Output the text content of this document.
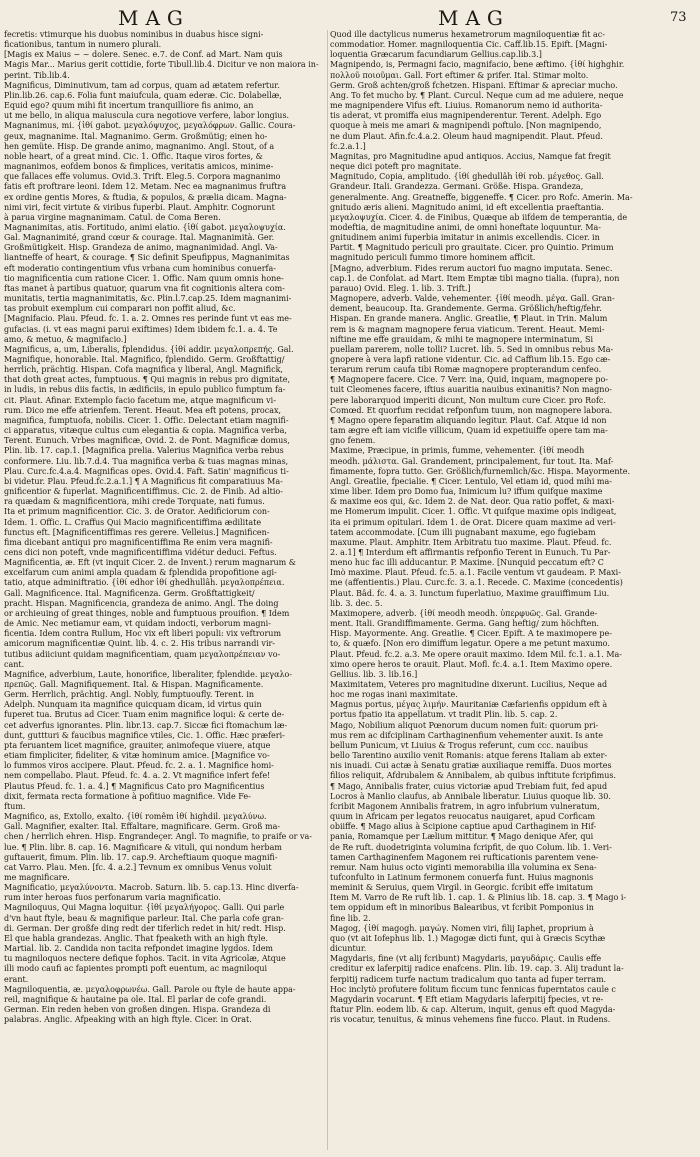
MAG	MAG	73

fecretis: vtimurque his duobus nominibus in duabus hisce signi-

ficationibus, tantum in numero plurali.

[Magis ex Maius ~ ~ dolere. Senec. e.7. de Conf. ad Mart. Nam quis

Magis Mar... Marius gerit cottidie, forte Tibull.lib.4. Dicitur ve non maiora in-

perint. Tib.lib.4.

Magnificus, Diminutivum, tam ad corpus, quam ad ætatem refertur.

Plin.lib.26. cap.6. Folia funt maiufcula, quam ederæ. Cic. Dolabellæ,

Equid ego? quum mihi fit incertum tranquilliore fis animo, an

ut me bello, in aliqua maiuscula cura negotiove verfere, labor longius.

Magnanimus, mi. {ἰθί gabot. μεγαλόψυχος, μεγαλόφρων. Gallic. Coura-

geux, magnanime. Ital. Magnanimo. Germ. Großmütig; einen ho-

hen gemüte. Hisp. De grande animo, magnanimo. Angl. Stout, of a

noble heart, of a great mind. Cic. 1. Offic. Itaque viros fortes, &

magnanimos, eofdem bonos & fimplices, veritatis amicos, minime-

que fallaces effe volumus. Ovid.3. Trift. Eleg.5. Corpora magnanimo

fatis eft proftrare leoni. Idem 12. Metam. Nec ea magnanimus fruftra

ex ordine gentis Mores, & ftudia, & populos, & prælia dicam. Magna-

nimi viri, fecit virtute & viribus fuperbi. Plaut. Amphitr. Cognorunt

à parua virgine magnanimam. Catul. de Coma Beren.

Magnanimitas, atis. Fortitudo, animi elatio. {ἰθί gabot. μεγαλοψυχία.

Gal. Magnanimité, grand cœur & courage. Ital. Magnanimità. Ger.

Großmütigkeit. Hisp. Grandeza de animo, magnanimidad. Angl. Va-

liantneffe of heart, & courage. ¶ Sic definit Speufippus, Magnanimitas

eft moderatio contingentium vfus vrbana cum hominibus conuerfa-

tio magnificentia cum ratione Cicer. 1. Offic. Nam quum omnis hone-

ftas manet à partibus quatuor, quarum vna fit cognitionis altera com-

munitatis, tertia magnanimitatis, &c. Plin.l.7.cap.25. Idem magnanimi-

tas probuit exemplum cui comparari non poffit aliud, &c.

[Magnifacio. Plau. Pfeud. fc. 1. a. 2. Omnes res perinde funt vt eas me-

gufacias. (i. vt eas magni parui exiftimes) Idem ibidem fc.1. a. 4. Te

amo, & metuo, & magnifacio.]

Magnificus, a, um, Liberalis, fplendidus. {ἰθί addir. μεγαλοπρεπής. Gal.

Magnifique, honorable. Ital. Magnifico, fplendido. Germ. Großftattig/

herrlich, prächtig. Hispan. Cofa magnifica y liberal, Angl. Magnifick,

that doth great actes, fumptuous. ¶ Qui magnis in rebus pro dignitate,

in ludis, in rebus diis factis, in ædificiis, in epulo publico fumptum fa-

cit. Plaut. Afinar. Extemplo facio facetum me, atque magnificum vi-

rum. Dico me effe atrienfem. Terent. Heaut. Mea eft potens, procax,

magnifica, fumptuofa, nobilis. Cicer. 1. Offic. Delectant etiam magnifi-

ci apparatus, vitæque cultus cum elegantia & copia. Magnifica verba,

Terent. Eunuch. Vrbes magnificæ, Ovid. 2. de Pont. Magnificæ domus,

Plin. lib. 17. cap.1. [Magnifica prelia. Valerius Magnifica verba rebus

conformere. Liu. lib.7.d.4. Tua magnifica verba & tuas magnas minas,

Plau. Curc.fc.4.a.4. Magnificas opes. Ovid.4. Faft. Satin' magnificus ti-

bi videtur. Plau. Pfeud.fc.2.a.1.] ¶ A Magnificus fit comparatiuus Ma-

gnificentior & fuperlat. Magnificentiffimus. Cic. 2. de Finib. Ad altio-

ra quædam & magnificentiora, mihi crede Torquate, nati fumus.

Ita et primum magnificentior. Cic. 3. de Orator. Aedificiorum con-

Idem. 1. Offic. L. Craffus Qui Macio magnificentiffima ædilitate

functus eft. [Magnificentiffimas res gerere. Velleius.] Magnificen-

fima dicebant antiqui pro magnificentiffima Re enim vera magnifi-

cens dici non poteft, vnde magnificentiffima vidétur deduci. Feftus.

Magnificentia, æ. Eft (vt inquit Cicer. 2. de Invent.) rerum magnarum &

excelfarum cum animi ampla quadam & fplendida propofitione agi-

tatio, atque adminiftratio. {ἰθί edhor ἰθί ghedhullâh. μεγαλοπρέπεια.

Gall. Magnificence. Ital. Magnificenza. Germ. Großftattigkeit/

pracht. Hispan. Magnificencia, grandeza de animo. Angl. The doing

or archieuing of great thinges, noble and fumptuous prouifion. ¶ Idem

de Amic. Nec metiamur eam, vt quidam indocti, verborum magni-

ficentia. Idem contra Rullum, Hoc vix eft liberi populi: vix veftrorum

amicorum magnificentiæ Quint. lib. 4. c. 2. His tribus narrandi vir-

tutibus adiiciunt quidam magnificentiam, quam μεγαλοπρέπειαν vo-

cant.

Magnifice, adverbium, Laute, honorifice, liberaliter, fplendide. μεγαλο-

πρεπῶς. Gall. Magnifiquement. Ital. & Hispan. Magnificamente.

Germ. Herrlich, prächtig. Angl. Nobly, fumptuoufly. Terent. in

Adelph. Nunquam ita magnifice quicquam dicam, id virtus quin

fuperet tua. Brutus ad Cicer. Tuam enim magnifice loqui: & certe de-

cet adverfus ignorantes. Plin. libr.13. cap.7. Siccæ fici ftomachum læ-

dunt, guttturi & faucibus magnifice vtiles, Cic. 1. Offic. Hæc præferi-

pta feruantem licet magnifice, grauiter, animofeque viuere, atque

etiam fimpliciter, fideliter, & vitæ hominum amice. [Magnifice vo-

lo fummos viros accipere. Plaut. Pfeud. fc. 2. a. 1. Magnifice homi-

nem compellabo. Plaut. Pfeud. fc. 4. a. 2. Vt magnifice infert fefe!

Plautus Pfeud. fc. 1. a. 4.] ¶ Magnificus Cato pro Magnificentius

dixit, fermata recta formatione à pofitiuo magnifice. Vide Fe-

ftum.

Magnifico, as, Extollo, exalto. {ἰθί romêm ἰθί highdil. μεγαλύνω.

Gall. Magnifier, exalter. Ital. Effaltare, magnificare. Germ. Groß ma-

chen / herrlich ehren. Hisp. Engrandeçer. Angl. To magnifie, to praife or va-

lue. ¶ Plin. libr. 8. cap. 16. Magnificare & vituli, qui nondum herbam

guftauerit, fimum. Plin. lib. 17. cap.9. Archeftiaum quoque magnifi-

cat Varro. Plau. Men. [fc. 4. a.2.] Tevnum ex omnibus Venus voluit

me magnificare.

Magnificatio, μεγαλύνοντα. Macrob. Saturn. lib. 5. cap.13. Hinc diverfa-

rum inter heroas fuos perfonarum varia magnificatio.

Magniloquus, Qui Magna loquitur. {ἰθί μεγαλήγορος. Galli. Qui parle

d'vn haut ftyle, beau & magnifique parleur. Ital. Che parla cofe gran-

di. German. Der großfe ding redt der tiferlich redet in hit/ redt. Hisp.

El que habla grandezas. Anglic. That fpeaketh with an high ftyle.

Martial. lib. 2. Candida non tacita refpondet imagine lygdos. Idem

tu magniloquos nectere defique fophos. Tacit. in vita Agricolæ, Atque

illi modo caufi ac fapientes prompti poft euentum, ac magniloqui

erant.

Magniloquentia, æ. μεγαλοφρωνέω. Gall. Parole ou ftyle de haute appa-

reil, magnifique & hautaine pa ole. Ital. El parlar de cofe grandi.

German. Ein reden heben von großen dingen. Hispa. Grandeza di

palabras. Anglic. Afpeaking with an high ftyle. Cicer. in Orat.

Quod ille dactylicus numerus hexametrorum magniloquentiæ fit ac-

commodatior. Homer. magniloquentia Cic. Caff.lib.15. Epift. [Magni-

loquentia Græcarum facundiarum Gellius.cap.lib.3.]

Magnipendo, is, Permagni facio, magnifacio, bene æftimo. {ἰθί highghir.

πολλοῦ ποιοῦμαι. Gall. Fort eftimer & prifer. Ital. Stimar molto.

Germ. Groß achten/groß fchetzen. Hispani. Eftimar & apreciar mucho.

Ang. To fet mucho by. ¶ Plant. Curcul. Neque cum ad me aduiere, neque

me magnipendere Vifus eft. Liuius. Romanorum nemo id authorita-

tis aderat, vt promiffa eius magnipenderentur. Terent. Adelph. Ego

quoque à meis me amari & magnipendi poftulo. [Non magnipendo,

ne dum Plaut. Afin.fc.4.a.2. Oleum haud magnipendit. Plaut. Pfeud.

fc.2.a.1.]

Magnitas, pro Magnitudine apud antiquos. Accius, Namque fat fregit

neque dici poteft pro magnitate.

Magnitudo, Copia, amplitudo. {ἰθί ghedullâh ἰθί rob. μέγεθος. Gall.

Grandeur. Itali. Grandezza. Germani. Größe. Hispa. Grandeza,

generalmente. Ang. Greatneffe, biggeneffe. ¶ Cicer. pro Rofc. Amerin. Ma-

gnitudo æris alieni. Magnitudo animi, id eft excellentia praeftantia.

μεγαλοψυχία. Cicer. 4. de Finibus, Quæque ab iifdem de temperantia, de

modeftia, de magnitudine animi, de omni honeftate loquuntur. Ma-

gnitudinem animi fuperbia imitatur in animis excellendis. Cicer. in

Partit. ¶ Magnitudo periculi pro grauitate. Cicer. pro Quintio. Primum

magnitudo periculi fummo timore hominem afficit.

[Magno, adverbium. Fides rerum auctori fuo magno imputata. Senec.

cap.1. de Confolat. ad Mart. Item Emptæ tibi magno tialia. (fupra), non

parauo) Ovid. Eleg. 1. lib. 3. Trift.]

Magnopere, adverb. Valde, vehementer. {ἰθί meodh. μέγα. Gall. Gran-

dement, beaucoup. Ita. Grandemente. Germa. Größlich/heftig/fehr.

Hispan. En grande manera. Anglic. Greatlie, ¶ Plaut. in Trin. Malum

rem is & magnam magnopere ferua viaticum. Terent. Heaut. Memi-

niftine me effe grauidam, & mihi te magnopere interminatum, Si

puellam parerem, nolle tolli? Lucret. lib. 5. Sed in omnibus rebus Ma-

gnopere à vera lapfi ratione videntur. Cic. ad Caffium lib.15. Ego cæ-

terarum rerum caufa tibi Romæ magnopere propterandum cenfeo.

¶ Magnopere facere. Cice. 7 Verr. ina, Quid, inquam, magnopere po-

tuit Cleomenes facere, iftius auaritia nauibus exinanitis? Non magno-

pere laborarquod imperiti dicunt, Non multum cure Cicer. pro Rofc.

Comœd. Et quorfum recidat refponfum tuum, non magnopere labora.

¶ Magno opere feparatim aliquando legitur. Plaut. Caf. Atque id non

tam ægre eft iam vicifle villicum, Quam id expetiuiffe opere tam ma-

gno fenem.

Maxime, Præcipue, in primis, fumme, vehementer. {ἰθί meodh

meodh. μάλιστα. Gal. Grandement, principalement, fur tout. Ita. Maf-

fimamente, fopra tutto. Ger. Größlich/furnemlich/&c. Hispa. Mayormente.

Angl. Greatlie, fpecialie. ¶ Cicer. Lentulo, Vel etiam id, quod mihi ma-

xime liber. Idem pro Domo fua, Inimicum lu? iffum quifque maxime

& maxime eos qui, &c. Idem 2. de Nat. deor. Qua ratio poffet, & maxi-

me Homerum impulit. Cicer. 1. Offic. Vt quifque maxime opis indigeat,

ita ei primum opitulari. Idem 1. de Orat. Dicere quam maxime ad veri-

tatem accommodate. [Cum illi pugnabant maxume, ego fugiebam

maxume. Plaut. Amphitr. Item Arbitratu tuo maxime. Plaut. Pfeud. fc.

2. a.1] ¶ Interdum eft affirmantis refponfio Terent in Eunuch. Tu Par-

meno huc fac illi adducantur. P. Maxime. [Nunquid peccatum eft? C

Imò maxime. Plaut. Pfeud. fc.5. a.1. Facile ventum vt gaudeam. P. Maxi-

me (affentientis.) Plau. Curc.fc. 3. a.1. Recede. C. Maxime (concedentis)

Plaut. Bâd. fc. 4. a. 3. Iunctum fuperlatiuo, Maxime grauiffimum Liu.

lib. 3. dec. 5.

Maximopere, adverb. {ἰθί meodh meodh. ὑπερφυῶς. Gal. Grande-

ment. Itali. Grandiffimamente. Germa. Gang heftig/ zum höchften.

Hisp. Mayormente. Ang. Greatlie. ¶ Cicer. Epift. A te maximopere pe-

to, & quæfo. [Non ero dimiffum legatur. Opere a me petunt maxumo.

Plaut. Pfeud. fc.2. a.3. Me opere orauit maximo. Idem Mil. fc.1. a.1. Ma-

ximo opere heros te orauit. Plaut. Mofl. fc.4. a.1. Item Maximo opere.

Gellius. lib. 3. lib.16.]

Maximitatem, Veteres pro magnitudine dixerunt. Lucilius, Neque ad

hoc me rogas inani maximitate.

Magnus portus, μέγας λιμήν. Mauritaniæ Cæfarienfis oppidum eft à

portus fpatio ita appellatum. vt tradit Plin. lib. 5. cap. 2.

Mago, Nobilium aliquot Pœnorum ducum nomen fuit: quorum pri-

mus rem ac difciplinam Carthaginenfium vehementer auxit. Is ante

bellum Punicum, vt Liuius & Trogus referunt, cum ccc. nauibus

bello Tarentino auxilio venit Romanis: atque ferens Italiam ab exter-

nis inuadi. Cui actæ à Senatu gratiæ auxiliaque remiffa. Duos mortes

filios reliquit, Afdrubalem & Annibalem, ab quibus inftitute fcripfimus.

¶ Mago, Annibalis frater, cuius victoriæ apud Trebiam fuit, fed apud

Locros à Manlio claufus, ab Annibale liberatur. Liuius quoque lib. 30.

fcribit Magonem Annibalis fratrem, in agro infubrium vulneratum,

quum in Africam per legatos reuocatus nauigaret, apud Corficam

obiiffe. ¶ Mago alius à Scipione captiue apud Carthaginem in Hif-

pania, Romamque per Lælium mittitur. ¶ Mago denique Afer, qui

de Re ruft. duodetriginta volumina fcripfit, de quo Colum. lib. 1. Veri-

tamen Carthaginenfem Magonem rei rufticationis parentem vene-

remur. Nam huius octo viginti memorabilia illa volumina ex Sena-

tufconfulto in Latinum fermonem conuerfa funt. Huius magnonis

meminit & Seruius, quem Virgil. in Georgic. fcribit effe imitatum

Item M. Varro de Re ruft lib. 1. cap. 1. & Plinius lib. 18. cap. 3. ¶ Mago i-

tem oppidum eft in minoribus Balearibus, vt fcribit Pomponius in

fine lib. 2.

Magog, {ἰθί magogh. μαγώγ. Nomen viri, filij Iaphet, proprium à

quo (vt ait Iofephus lib. 1.) Magogæ dicti funt, qui à Græcis Scythæ

dicuntur.

Magydaris, fine (vt alij fcribunt) Magydaris, μαγυδάρις. Caulis effe

creditur ex laferpitij radice enafcens. Plin. lib. 19. cap. 3. Alij tradunt la-

ferpitij radicem turfe nactum tradicalum quo tanta ad fuper terram.

Hoc inclytò profutere folitum ficcum tunc fennicas fuperntatos caule c

Magydarin vocarunt. ¶ Eft etiam Magydaris laferpitij fpecies, vt re-

ftatur Plin. eodem lib. & cap. Alterum, inquit, genus eft quod Magyda-

ris vocatur, tenuitus, & minus vehemens fine fucco. Plaut. in Rudens.
